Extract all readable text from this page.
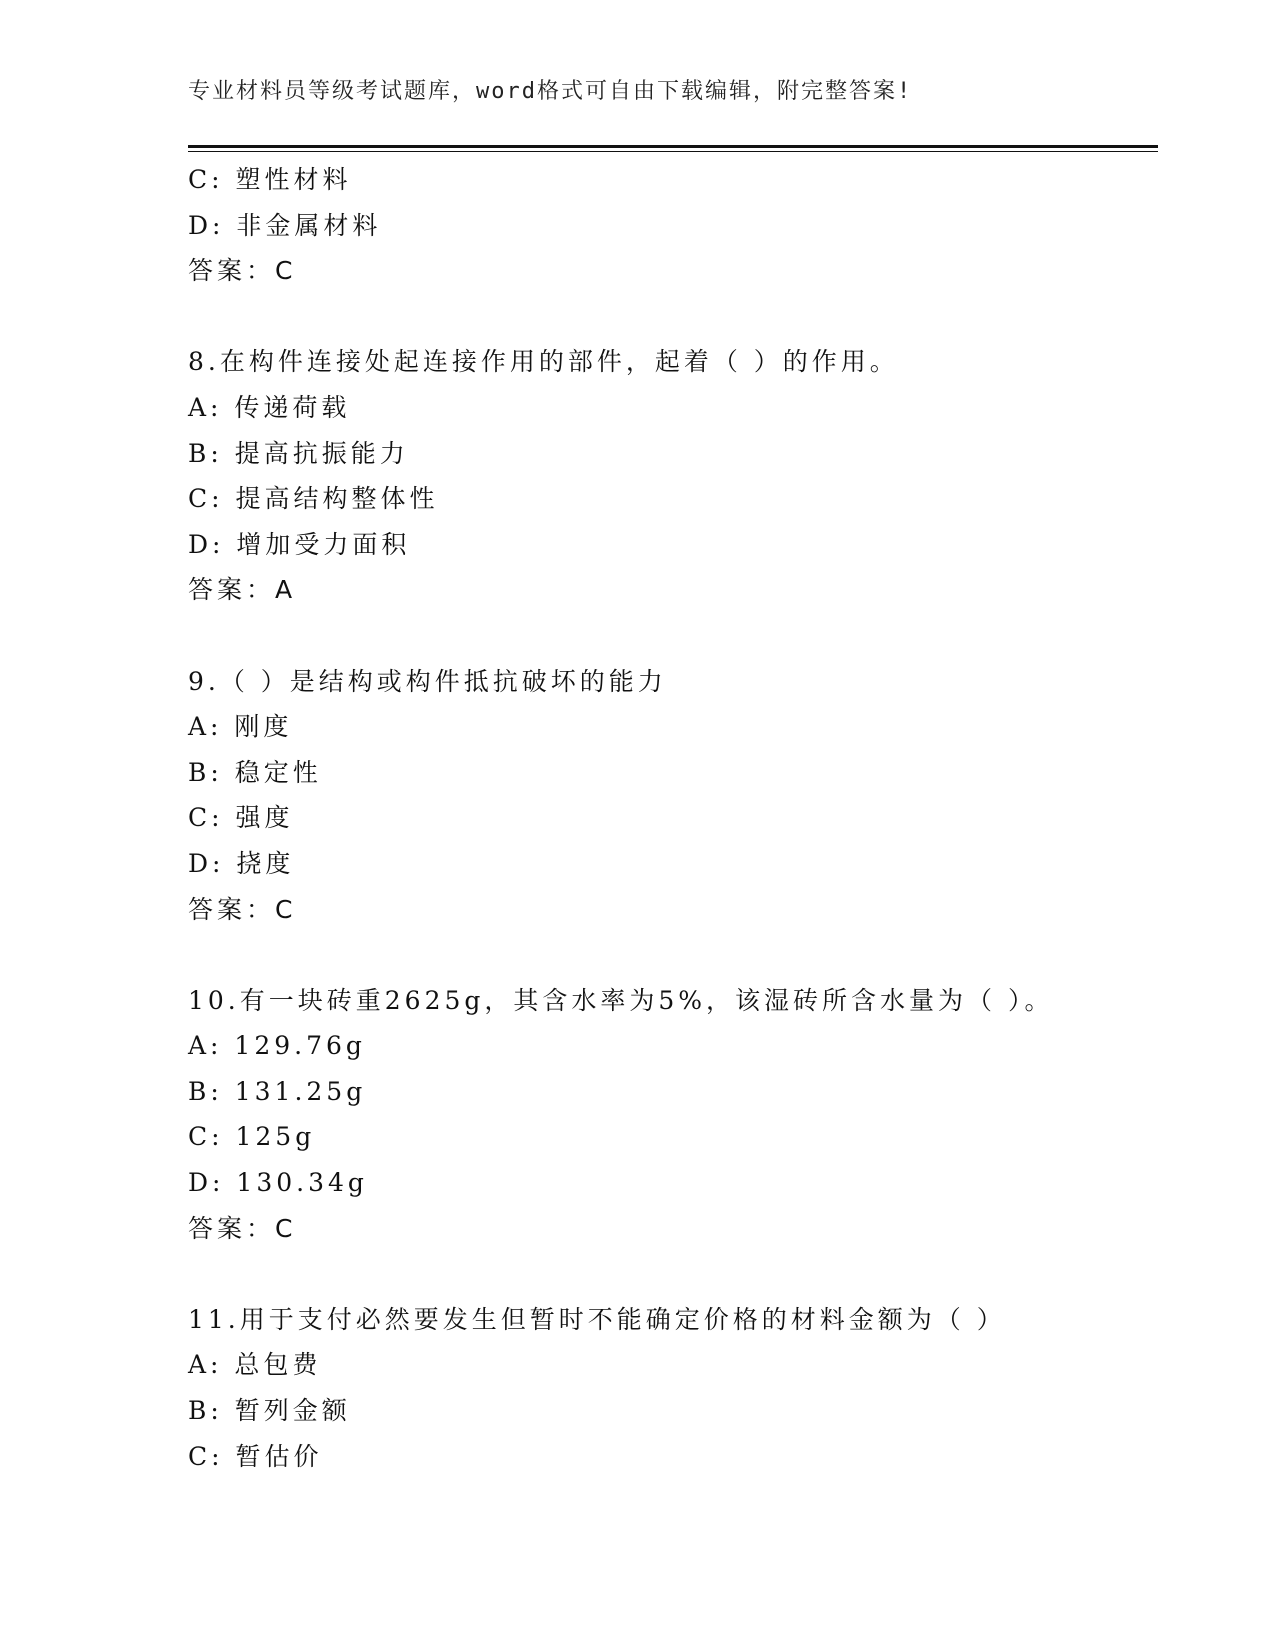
专业材料员等级考试题库，word格式可自由下载编辑，附完整答案!
C: 塑性材料
D: 非金属材料
答案：C
8.在构件连接处起连接作用的部件，起着（ ）的作用。
A: 传递荷载
B: 提高抗振能力
C: 提高结构整体性
D: 增加受力面积
答案：A
9.（ ）是结构或构件抵抗破坏的能力
A: 刚度
B: 稳定性
C: 强度
D: 挠度
答案：C
10.有一块砖重2625g，其含水率为5%，该湿砖所含水量为（ ）。
A: 129.76g
B: 131.25g
C: 125g
D: 130.34g
答案：C
11.用于支付必然要发生但暂时不能确定价格的材料金额为（ ）
A: 总包费
B: 暂列金额
C: 暂估价
